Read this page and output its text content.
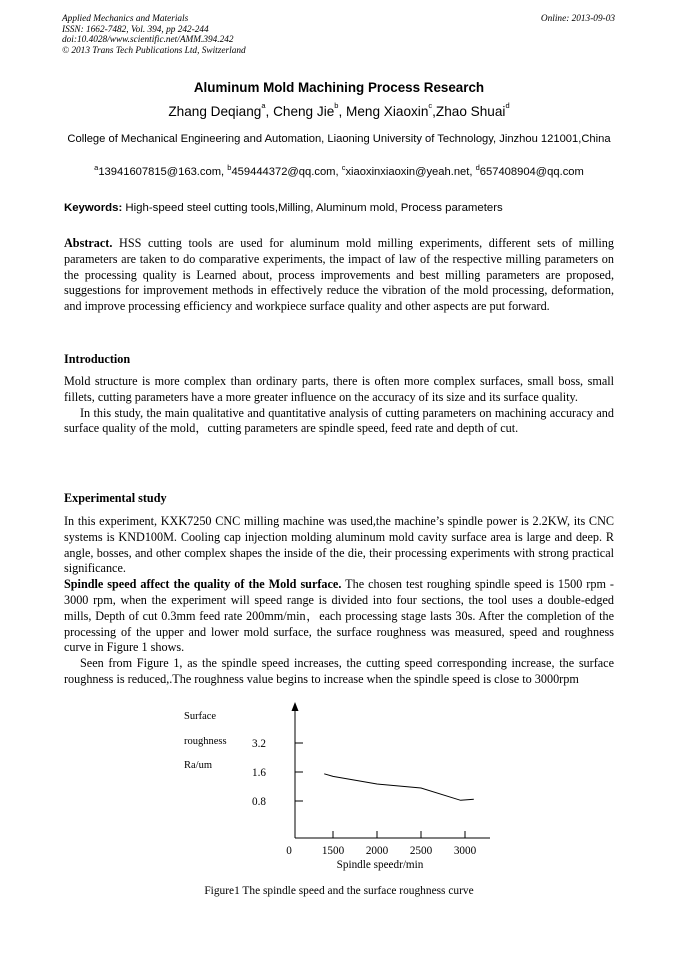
Applied Mechanics and Materials
ISSN: 1662-7482, Vol. 394, pp 242-244
doi:10.4028/www.scientific.net/AMM.394.242
© 2013 Trans Tech Publications Ltd, Switzerland
Online: 2013-09-03
Aluminum Mold Machining Process Research
Zhang Deqiang$^a$, Cheng Jie$^b$, Meng Xiaoxin$^c$,Zhao Shuai$^d$
College of Mechanical Engineering and Automation, Liaoning University of Technology, Jinzhou 121001,China
$^a$13941607815@163.com, $^b$459444372@qq.com, $^c$xiaoxinxiaoxin@yeah.net, $^d$657408904@qq.com
Keywords: High-speed steel cutting tools,Milling, Aluminum mold, Process parameters
Abstract. HSS cutting tools are used for aluminum mold milling experiments, different sets of milling parameters are taken to do comparative experiments, the impact of law of the respective milling parameters on the processing quality is Learned about, process improvements and best milling parameters are proposed, suggestions for improvement methods in effectively reduce the vibration of the mold processing, deformation, and improve processing efficiency and workpiece surface quality and other aspects are put forward.
Introduction
Mold structure is more complex than ordinary parts, there is often more complex surfaces, small boss, small fillets, cutting parameters have a more greater influence on the accuracy of its size and its surface quality.
In this study, the main qualitative and quantitative analysis of cutting parameters on machining accuracy and surface quality of the mold，cutting parameters are spindle speed, feed rate and depth of cut.
Experimental study
In this experiment, KXK7250 CNC milling machine was used,the machine’s spindle power is 2.2KW, its CNC systems is KND100M. Cooling cap injection molding aluminum mold cavity surface area is large and deep. R angle, bosses, and other complex shapes the inside of the die, their processing experiments with strong practical significance.
Spindle speed affect the quality of the Mold surface. The chosen test roughing spindle speed is 1500 rpm - 3000 rpm, when the experiment will speed range is divided into four sections, the tool uses a double-edged mills, Depth of cut 0.3mm feed rate 200mm/min，each processing stage lasts 30s. After the completion of the processing of the upper and lower mold surface, the surface roughness was measured, speed and roughness curve in Figure 1 shows.
Seen from Figure 1, as the spindle speed increases, the cutting speed corresponding increase, the surface roughness is reduced,.The roughness value begins to increase when the spindle speed is close to 3000rpm
Surface
roughness
Ra/um
0.8
1.6
3.2
1500 2000 2500 3000
0
Spindle speedr/min
Figure1 The spindle speed and the surface roughness curve
